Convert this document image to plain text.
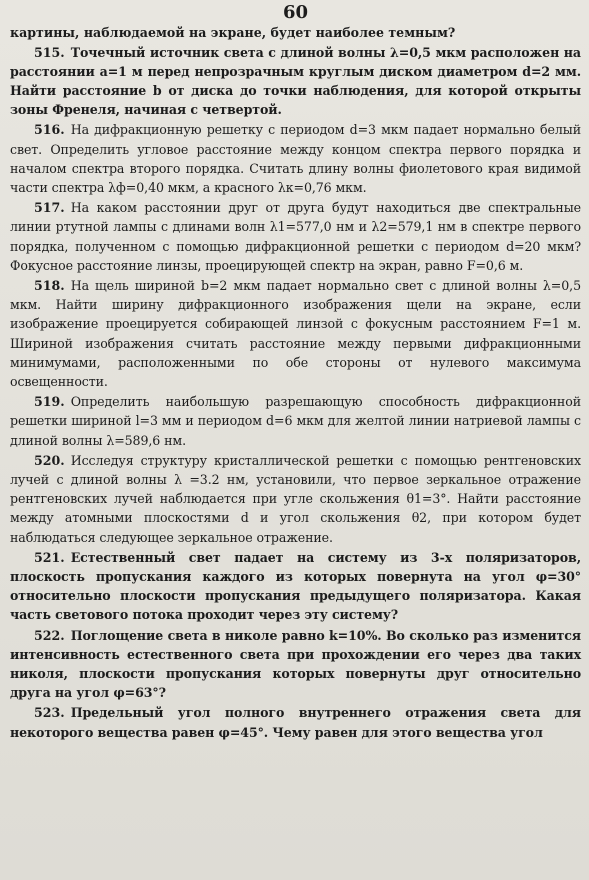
60

картины, наблюдаемой на экране, будет наиболее темным?

515. Точечный источник света с длиной волны λ=0,5 мкм расположен на расстоянии a=1 м перед непрозрачным круглым диском диаметром d=2 мм. Найти расстояние b от диска до точки наблюдения, для которой открыты зоны Френеля, начиная с четвертой.

516. На дифракционную решетку с периодом d=3 мкм падает нормально белый свет. Определить угловое расстояние между концом спектра первого порядка и началом спектра второго порядка. Считать длину волны фиолетового края видимой части спектра λф=0,40 мкм, а красного λк=0,76 мкм.

517. На каком расстоянии друг от друга будут находиться две спектральные линии ртутной лампы с длинами волн λ1=577,0 нм и λ2=579,1 нм в спектре первого порядка, полученном с помощью дифракционной решетки с периодом d=20 мкм? Фокусное расстояние линзы, проецирующей спектр на экран, равно F=0,6 м.

518. На щель шириной b=2 мкм падает нормально свет с длиной волны λ=0,5 мкм. Найти ширину дифракционного изображения щели на экране, если изображение проецируется собирающей линзой с фокусным расстоянием F=1 м. Шириной изображения считать расстояние между первыми дифракционными минимумами, расположенными по обе стороны от нулевого максимума освещенности.

519. Определить наибольшую разрешающую способность дифракционной решетки шириной l=3 мм и периодом d=6 мкм для желтой линии натриевой лампы с длиной волны λ=589,6 нм.

520. Исследуя структуру кристаллической решетки с помощью рентгеновских лучей с длиной волны λ =3.2 нм, установили, что первое зеркальное отражение рентгеновских лучей наблюдается при угле скольжения θ1=3°. Найти расстояние между атомными плоскостями d и угол скольжения θ2, при котором будет наблюдаться следующее зеркальное отражение.

521. Естественный свет падает на систему из 3-х поляризаторов, плоскость пропускания каждого из которых повернута на угол φ=30° относительно плоскости пропускания предыдущего поляризатора. Какая часть светового потока проходит через эту систему?

522. Поглощение света в николе равно k=10%. Во сколько раз изменится интенсивность естественного света при прохождении его через два таких николя, плоскости пропускания которых повернуты друг относительно друга на угол φ=63°?

523. Предельный угол полного внутреннего отражения света для некоторого вещества равен φ=45°. Чему равен для этого вещества угол
